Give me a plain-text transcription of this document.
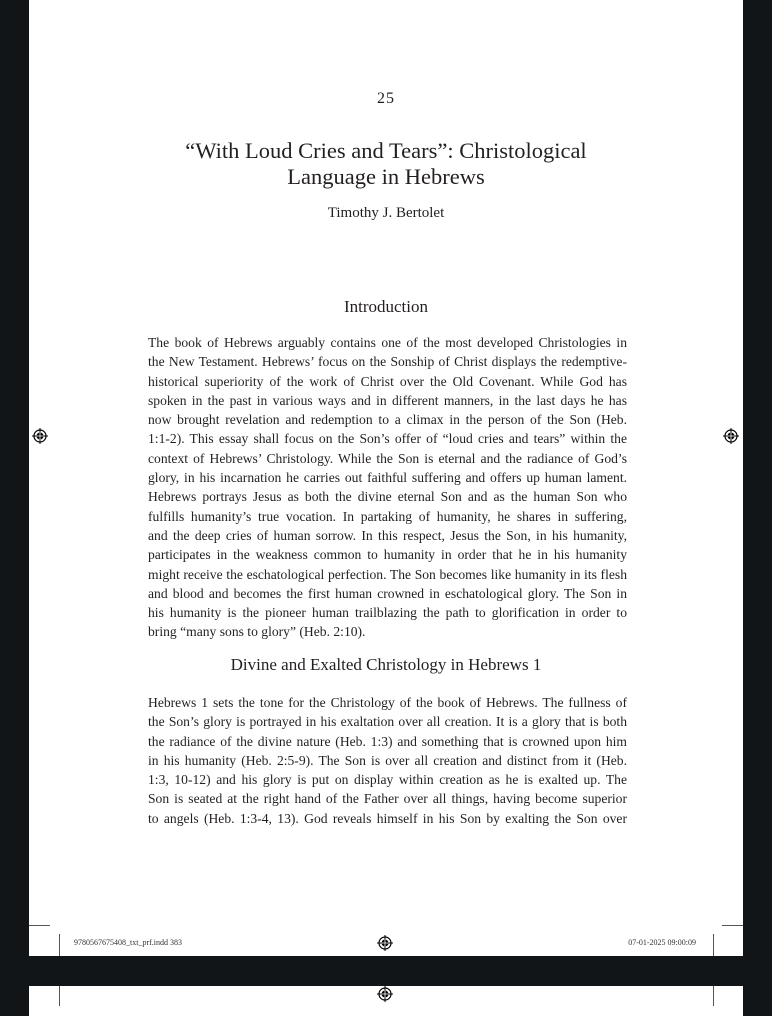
25
“With Loud Cries and Tears”: Christological
Language in Hebrews
Timothy J. Bertolet
Introduction
The book of Hebrews arguably contains one of the most developed Christologies in
the New Testament. Hebrews’ focus on the Sonship of Christ displays the redemptive-
historical superiority of the work of Christ over the Old Covenant. While God has
spoken in the past in various ways and in different manners, in the last days he has
now brought revelation and redemption to a climax in the person of the Son (Heb.
1:1-2). This essay shall focus on the Son’s offer of “loud cries and tears” within the
context of Hebrews’ Christology. While the Son is eternal and the radiance of God’s
glory, in his incarnation he carries out faithful suffering and offers up human lament.
Hebrews portrays Jesus as both the divine eternal Son and as the human Son who
fulfills humanity’s true vocation. In partaking of humanity, he shares in suffering,
and the deep cries of human sorrow. In this respect, Jesus the Son, in his humanity,
participates in the weakness common to humanity in order that he in his humanity
might receive the eschatological perfection. The Son becomes like humanity in its flesh
and blood and becomes the first human crowned in eschatological glory. The Son in
his humanity is the pioneer human trailblazing the path to glorification in order to
bring “many sons to glory” (Heb. 2:10).
Divine and Exalted Christology in Hebrews 1
Hebrews 1 sets the tone for the Christology of the book of Hebrews. The fullness of
the Son’s glory is portrayed in his exaltation over all creation. It is a glory that is both
the radiance of the divine nature (Heb. 1:3) and something that is crowned upon him
in his humanity (Heb. 2:5-9). The Son is over all creation and distinct from it (Heb.
1:3, 10-12) and his glory is put on display within creation as he is exalted up. The
Son is seated at the right hand of the Father over all things, having become superior
to angels (Heb. 1:3-4, 13). God reveals himself in his Son by exalting the Son over
9780567675408_txt_prf.indd 383	07-01-2025 09:00:09
